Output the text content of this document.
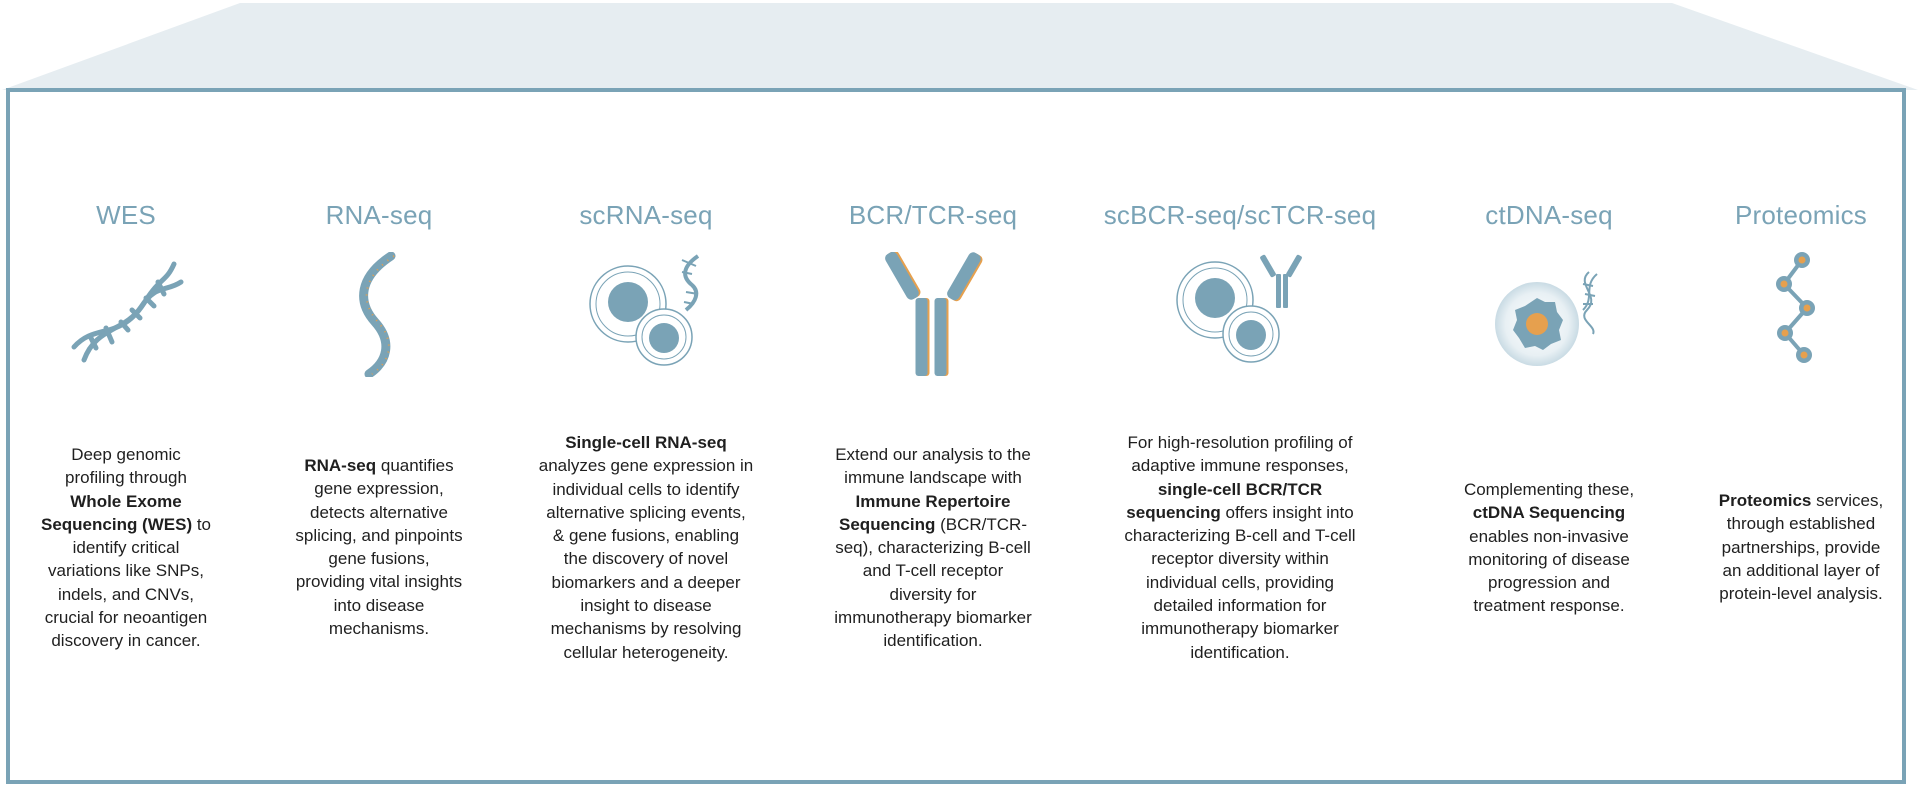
WES
Deep genomic
profiling through
Whole Exome
Sequencing (WES) to
identify critical
variations like SNPs,
indels, and CNVs,
crucial for neoantigen
discovery in cancer.
RNA-seq
RNA-seq quantifies
gene expression,
detects alternative
splicing, and pinpoints
gene fusions,
providing vital insights
into disease
mechanisms.
scRNA-seq
Single-cell RNA-seq
analyzes gene expression in
individual cells to identify
alternative splicing events,
& gene fusions, enabling
the discovery of novel
biomarkers and a deeper
insight to disease
mechanisms by resolving
cellular heterogeneity.
BCR/TCR-seq
Extend our analysis to the
immune landscape with
Immune Repertoire
Sequencing (BCR/TCR-
seq), characterizing B-cell
and T-cell receptor
diversity for
immunotherapy biomarker
identification.
scBCR-seq/scTCR-seq
For high-resolution profiling of
adaptive immune responses,
single-cell BCR/TCR
sequencing offers insight into
characterizing B-cell and T-cell
receptor diversity within
individual cells, providing
detailed information for
immunotherapy biomarker
identification.
ctDNA-seq
Complementing these,
ctDNA Sequencing
enables non-invasive
monitoring of disease
progression and
treatment response.
Proteomics
Proteomics services,
through established
partnerships, provide
an additional layer of
protein-level analysis.
